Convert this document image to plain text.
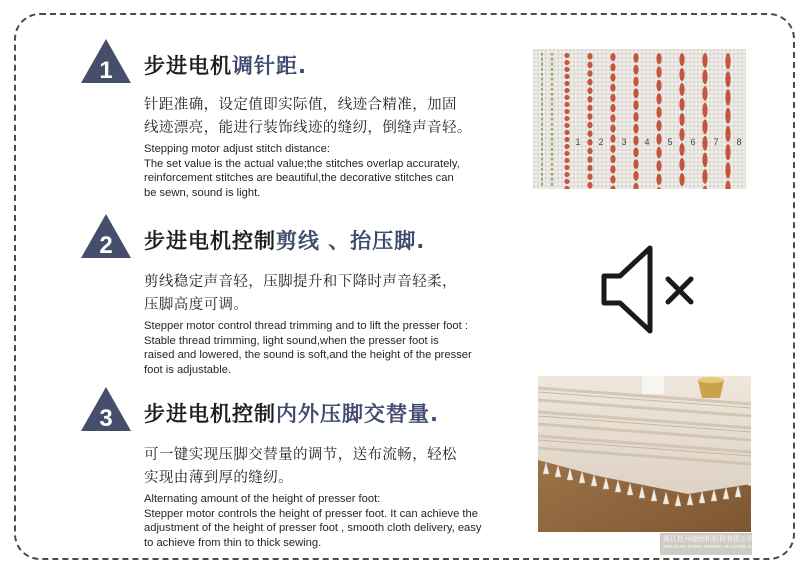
1 步进电机调针距.
针距准确，设定值即实际值，线迹合精准，加固
线迹漂亮，能进行装饰线迹的缝纫，倒缝声音轻。
Stepping motor adjust stitch distance:
The set value is the actual value;the stitches overlap accurately,
reinforcement stitches are beautiful,the decorative stitches can
be sewn, sound is light.
1 2 3 4 5 6 7 8
2 步进电机控制剪线 、抬压脚.
剪线稳定声音轻，压脚提升和下降时声音轻柔，
压脚高度可调。
Stepper motor control thread trimming and to lift the presser foot :
Stable thread trimming, light sound,when the presser foot is
raised and lowered, the sound is soft,and the height of the presser
foot is adjustable.
3 步进电机控制内外压脚交替量.
可一键实现压脚交替量的调节，送布流畅，轻松
实现由薄到厚的缝纫。
Alternating amount of the height of presser foot:
Stepper motor controls the height of presser foot. It can achieve the
adjustment of the height of presser foot , smooth cloth delivery, easy
to achieve from thin to thick sewing.	浙江杜马缝纫机股份有限公司
ZHEJIANG DUMA SEWING MACHINE CO.,LTD.
